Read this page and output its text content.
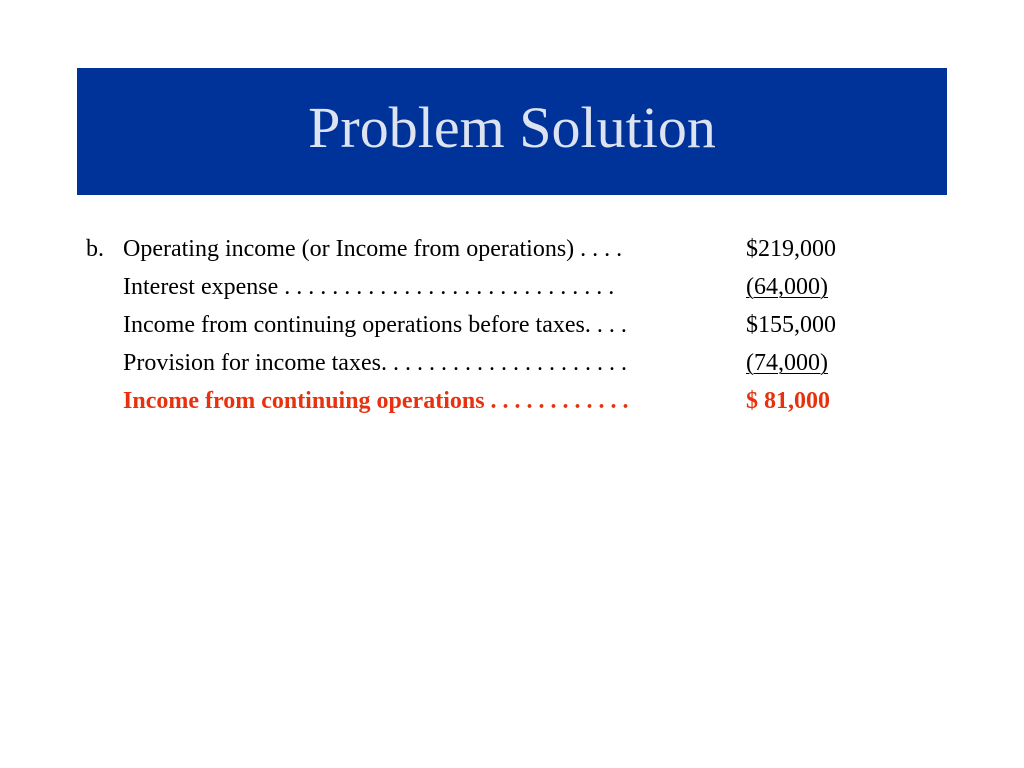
Problem Solution
b. Operating income (or Income from operations) . . . .	$219,000
Interest expense . . . . . . . . . . . . . . . . . . . . . . . . . . . .	(64,000)
Income from continuing operations before taxes. . . .	$155,000
Provision for income taxes. . . . . . . . . . . . . . . . . . . . .	(74,000)
Income from continuing operations . . . . . . . . . . . .	$ 81,000
